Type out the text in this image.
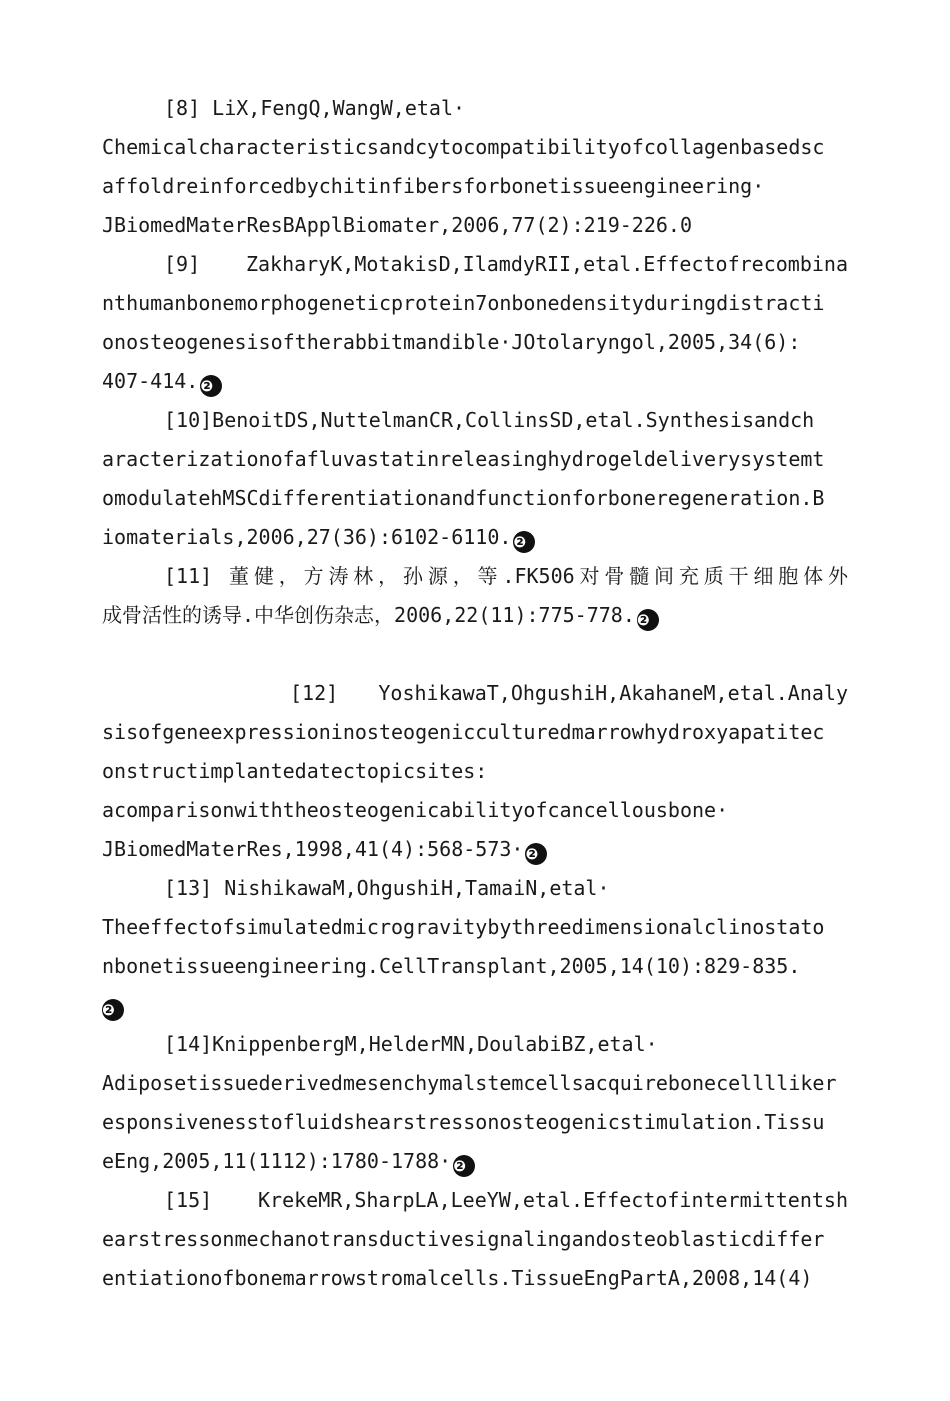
[8] LiX,FengQ,WangW,etal·
Chemicalcharacteristicsandcytocompatibilityofcollagenbasedsc
affoldreinforcedbychitinfibersforbonetissueengineering·
JBiomedMaterResBApplBiomater,2006,77(2):219-226.0
[9] ZakharyK,MotakisD,IlamdyRII,etal.Effectofrecombina
nthumanbonemorphogeneticprotein7onbonedensityduringdistracti
onosteogenesisoftherabbitmandible·JOtolaryngol,2005,34(6):
407-414. ❷
[10]BenoitDS,NuttelmanCR,CollinsSD,etal.Synthesisandch
aracterizationofafluvastatinreleasinghydrogeldeliverysystemt
omodulatehMSCdifferentiationandfunctionforboneregeneration.B
iomaterials,2006,27(36):6102-6110. ❷
[11] 董健，方涛林，孙源，等.FK506对骨髓间充质干细胞体外
成骨活性的诱导.中华创伤杂志，2006,22(11):775-778. ❷
[12] YoshikawaT,OhgushiH,AkahaneM,etal.Analy
sisofgeneexpressioninosteogenicculturedmarrowhydroxyapatitec
onstructimplantedatectopicsites:
acomparisonwiththeosteogenicabilityofcancellousbone·
JBiomedMaterRes,1998,41(4):568-573· ❷
[13] NishikawaM,OhgushiH,TamaiN,etal·
Theeffectofsimulatedmicrogravitybythreedimensionalclinostato
nbonetissueengineering.CellTransplant,2005,14(10):829-835.
❷
[14]KnippenbergM,HelderMN,DoulabiBZ,etal·
Adiposetissuederivedmesenchymalstemcellsacquirebonecelllliker
esponsivenesstofluidshearstressonosteogenicstimulation.Tissu
eEng,2005,11(1112):1780-1788· ❷
[15] KrekeMR,SharpLA,LeeYW,etal.Effectofintermittentsh
earstressonmechanotransductivesignalingandosteoblasticdiffer
entiationofbonemarrowstromalcells.TissueEngPartA,2008,14(4)
